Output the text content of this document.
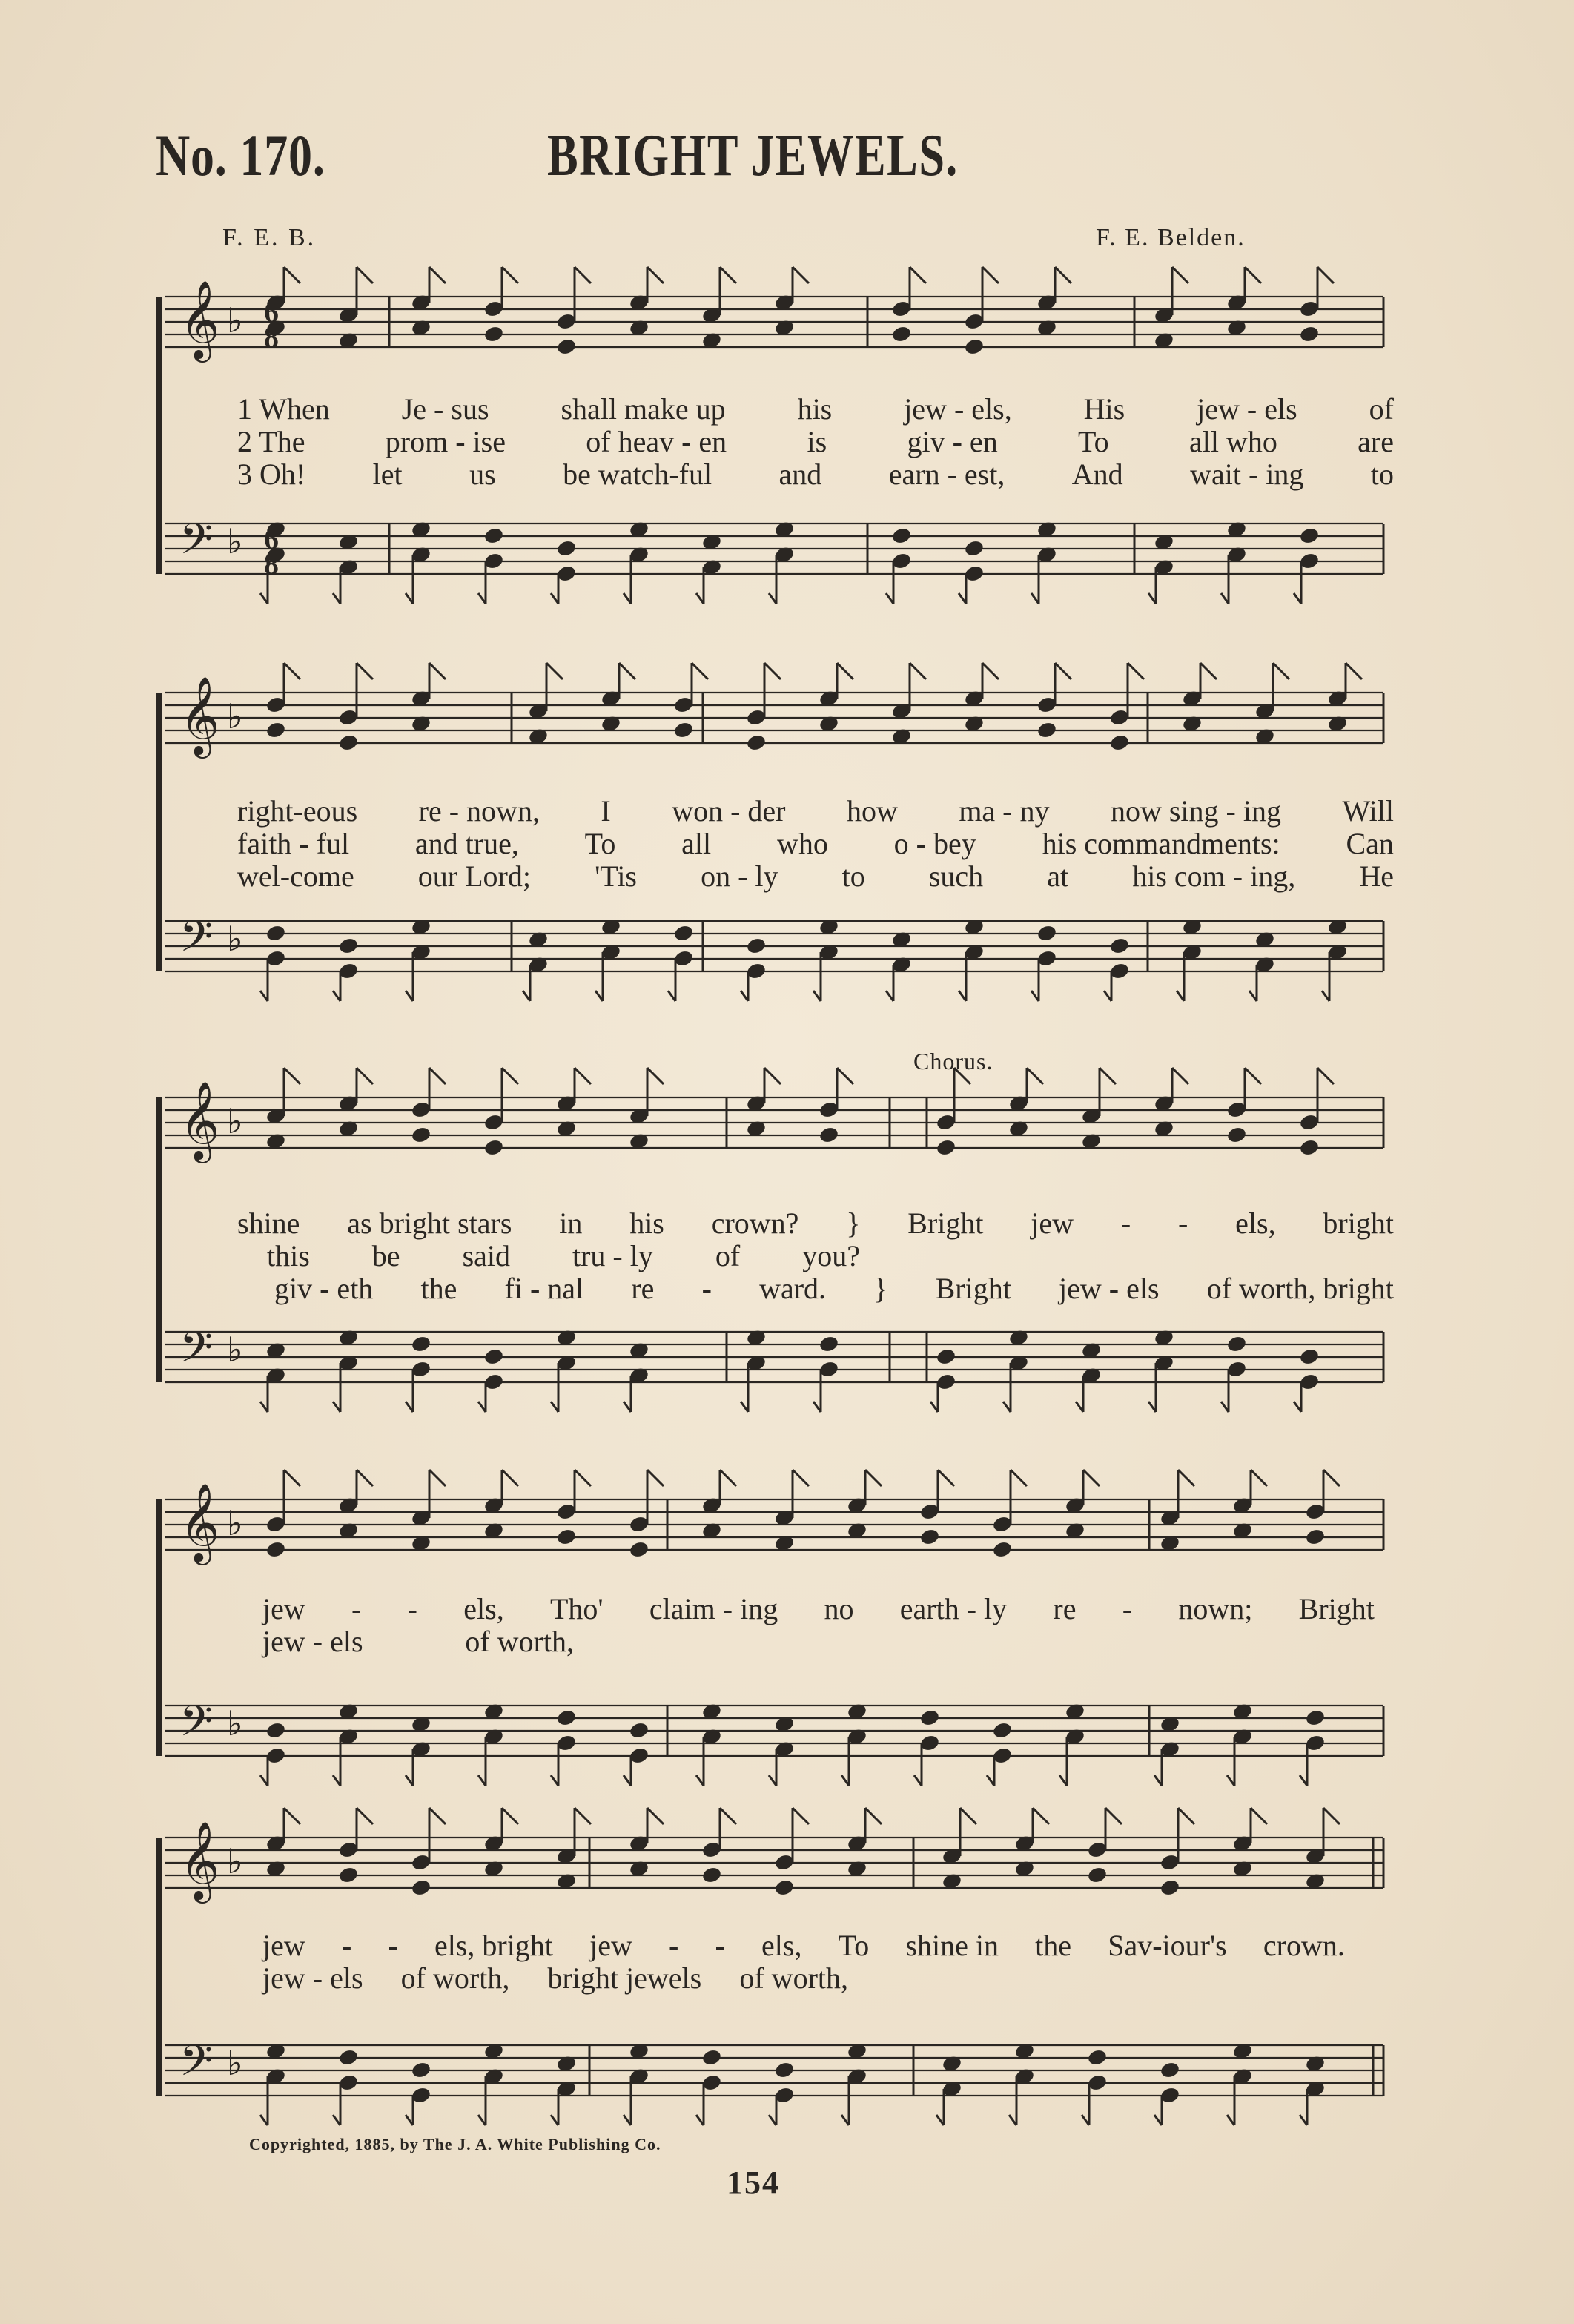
No. 170.	BRIGHT JEWELS.
F. E. B.	F. E. Belden.
𝄞 ♭
𝄢 ♭
𝄞 ♭
𝄢 ♭
𝄞 ♭
𝄢 ♭
𝄞 ♭
𝄢 ♭
𝄞 ♭
𝄢 ♭
6
8
6
8
Chorus.
1 When Je - sus shall make up his jew - els, His jew - els of
2 The	prom - ise	of heav - en	is	giv - en	To	all who	are
3 Oh! let us be watch-ful and earn - est, And wait - ing to
right-eous re - nown, I won - der how ma - ny now sing - ing Will
faith - ful and true, To all who o - bey his commandments: Can
wel-come our Lord; 'Tis on - ly to such at his com - ing, He
shine as bright stars in his crown? } Bright jew - - els, bright
this be said tru - ly of you?
giv - eth the fi - nal re - ward. } Bright jew - els of worth, bright
jew - - els, Tho' claim - ing no earth - ly re - nown; Bright
jew - els	of worth,
jew - - els, bright jew - - els, To shine in the Sav-iour's crown.
jew - els of worth, bright jewels of worth,
Copyrighted, 1885, by The J. A. White Publishing Co.
154
